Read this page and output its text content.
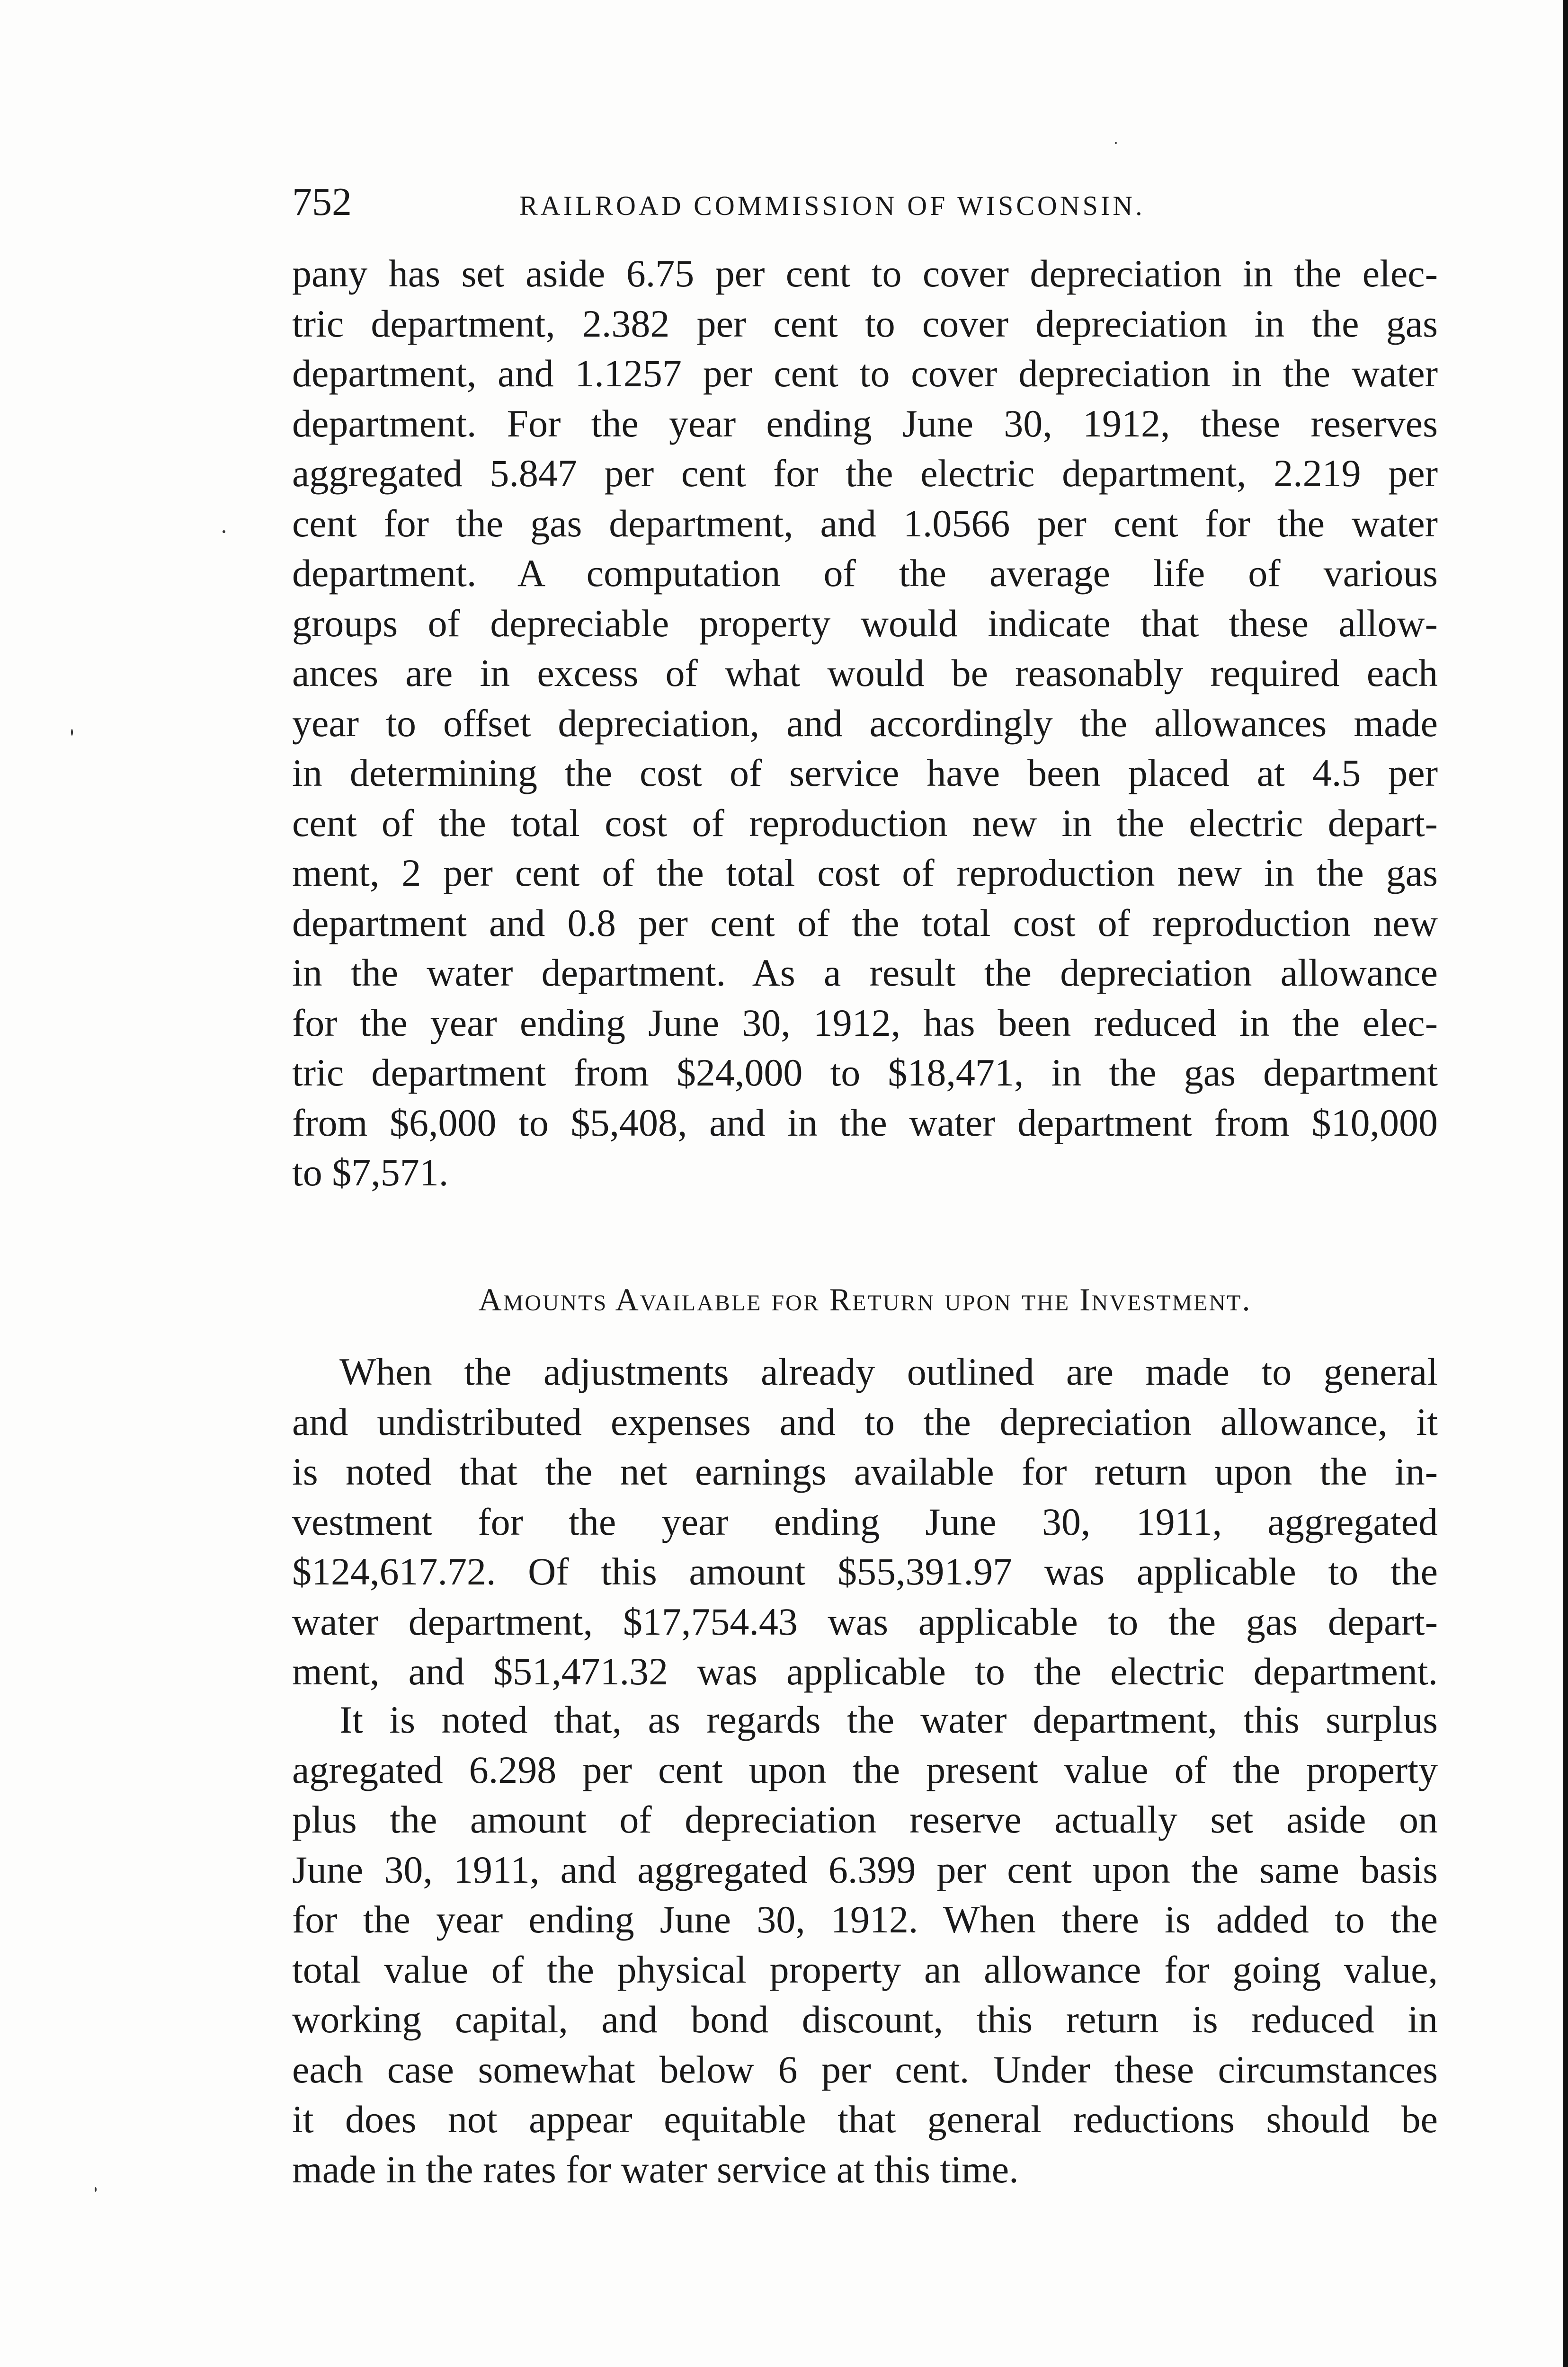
752	RAILROAD COMMISSION OF WISCONSIN.
pany has set aside 6.75 per cent to cover depreciation in the elec-
tric department, 2.382 per cent to cover depreciation in the gas
department, and 1.1257 per cent to cover depreciation in the water
department. For the year ending June 30, 1912, these reserves
aggregated 5.847 per cent for the electric department, 2.219 per
cent for the gas department, and 1.0566 per cent for the water
department. A computation of the average life of various
groups of depreciable property would indicate that these allow-
ances are in excess of what would be reasonably required each
year to offset depreciation, and accordingly the allowances made
in determining the cost of service have been placed at 4.5 per
cent of the total cost of reproduction new in the electric depart-
ment, 2 per cent of the total cost of reproduction new in the gas
department and 0.8 per cent of the total cost of reproduction new
in the water department. As a result the depreciation allowance
for the year ending June 30, 1912, has been reduced in the elec-
tric department from $24,000 to $18,471, in the gas department
from $6,000 to $5,408, and in the water department from $10,000
to $7,571.
Amounts Available for Return upon the Investment.
When the adjustments already outlined are made to general
and undistributed expenses and to the depreciation allowance, it
is noted that the net earnings available for return upon the in-
vestment for the year ending June 30, 1911, aggregated
$124,617.72. Of this amount $55,391.97 was applicable to the
water department, $17,754.43 was applicable to the gas depart-
ment, and $51,471.32 was applicable to the electric department.
It is noted that, as regards the water department, this surplus
agregated 6.298 per cent upon the present value of the property
plus the amount of depreciation reserve actually set aside on
June 30, 1911, and aggregated 6.399 per cent upon the same basis
for the year ending June 30, 1912. When there is added to the
total value of the physical property an allowance for going value,
working capital, and bond discount, this return is reduced in
each case somewhat below 6 per cent. Under these circumstances
it does not appear equitable that general reductions should be
made in the rates for water service at this time.
